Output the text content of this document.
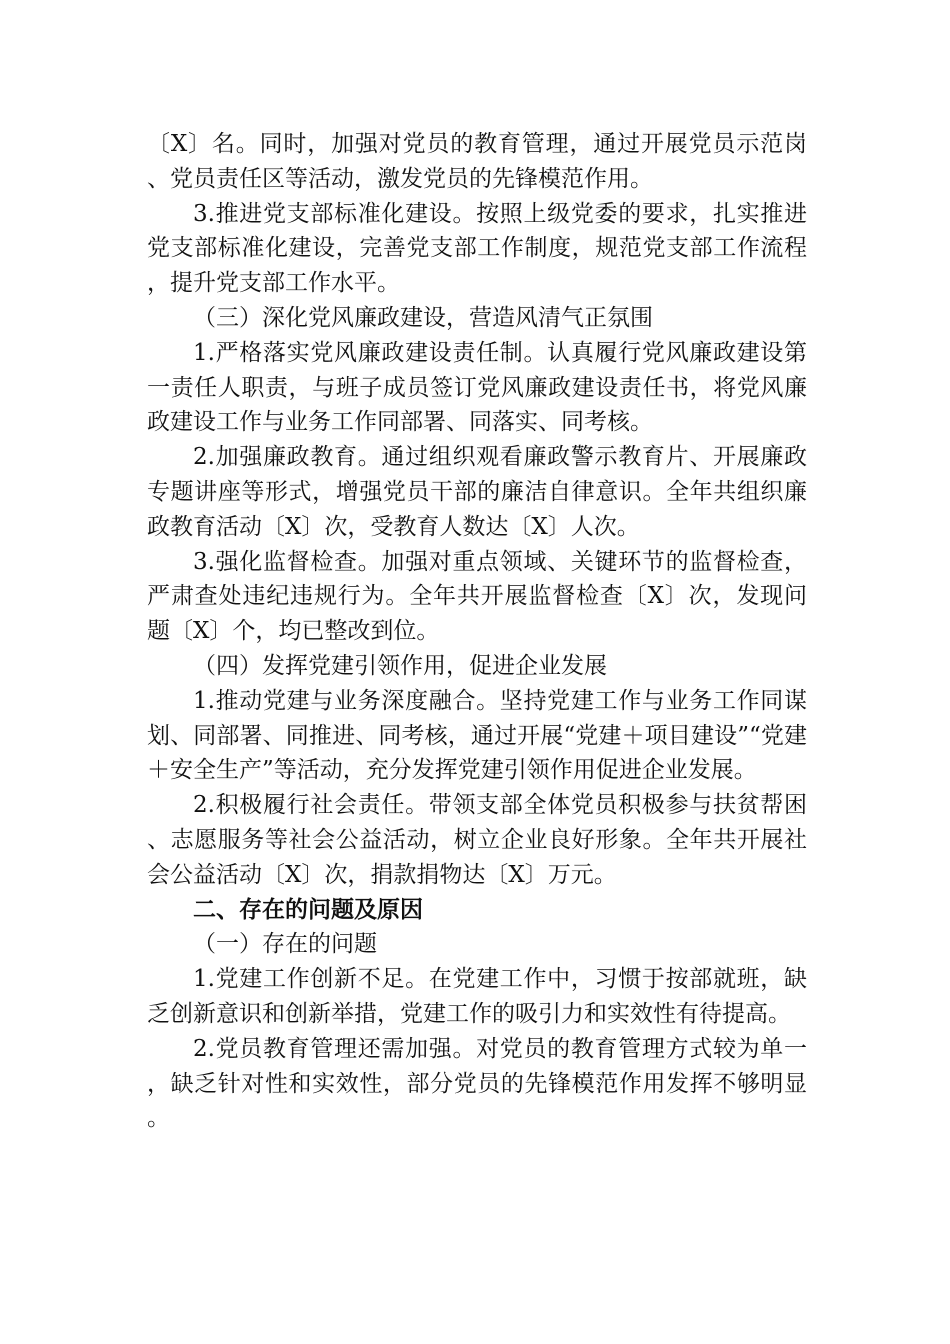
〔X〕名。同时，加强对党员的教育管理，通过开展党员示范岗、党员责任区等活动，激发党员的先锋模范作用。

3.推进党支部标准化建设。按照上级党委的要求，扎实推进党支部标准化建设，完善党支部工作制度，规范党支部工作流程，提升党支部工作水平。

（三）深化党风廉政建设，营造风清气正氛围

1.严格落实党风廉政建设责任制。认真履行党风廉政建设第一责任人职责，与班子成员签订党风廉政建设责任书，将党风廉政建设工作与业务工作同部署、同落实、同考核。

2.加强廉政教育。通过组织观看廉政警示教育片、开展廉政专题讲座等形式，增强党员干部的廉洁自律意识。全年共组织廉政教育活动〔X〕次，受教育人数达〔X〕人次。

3.强化监督检查。加强对重点领域、关键环节的监督检查，严肃查处违纪违规行为。全年共开展监督检查〔X〕次，发现问题〔X〕个，均已整改到位。

（四）发挥党建引领作用，促进企业发展

1.推动党建与业务深度融合。坚持党建工作与业务工作同谋划、同部署、同推进、同考核，通过开展“党建＋项目建设”“党建＋安全生产”等活动，充分发挥党建引领作用促进企业发展。

2.积极履行社会责任。带领支部全体党员积极参与扶贫帮困、志愿服务等社会公益活动，树立企业良好形象。全年共开展社会公益活动〔X〕次，捐款捐物达〔X〕万元。

二、存在的问题及原因

（一）存在的问题

1.党建工作创新不足。在党建工作中，习惯于按部就班，缺乏创新意识和创新举措，党建工作的吸引力和实效性有待提高。

2.党员教育管理还需加强。对党员的教育管理方式较为单一，缺乏针对性和实效性，部分党员的先锋模范作用发挥不够明显。
